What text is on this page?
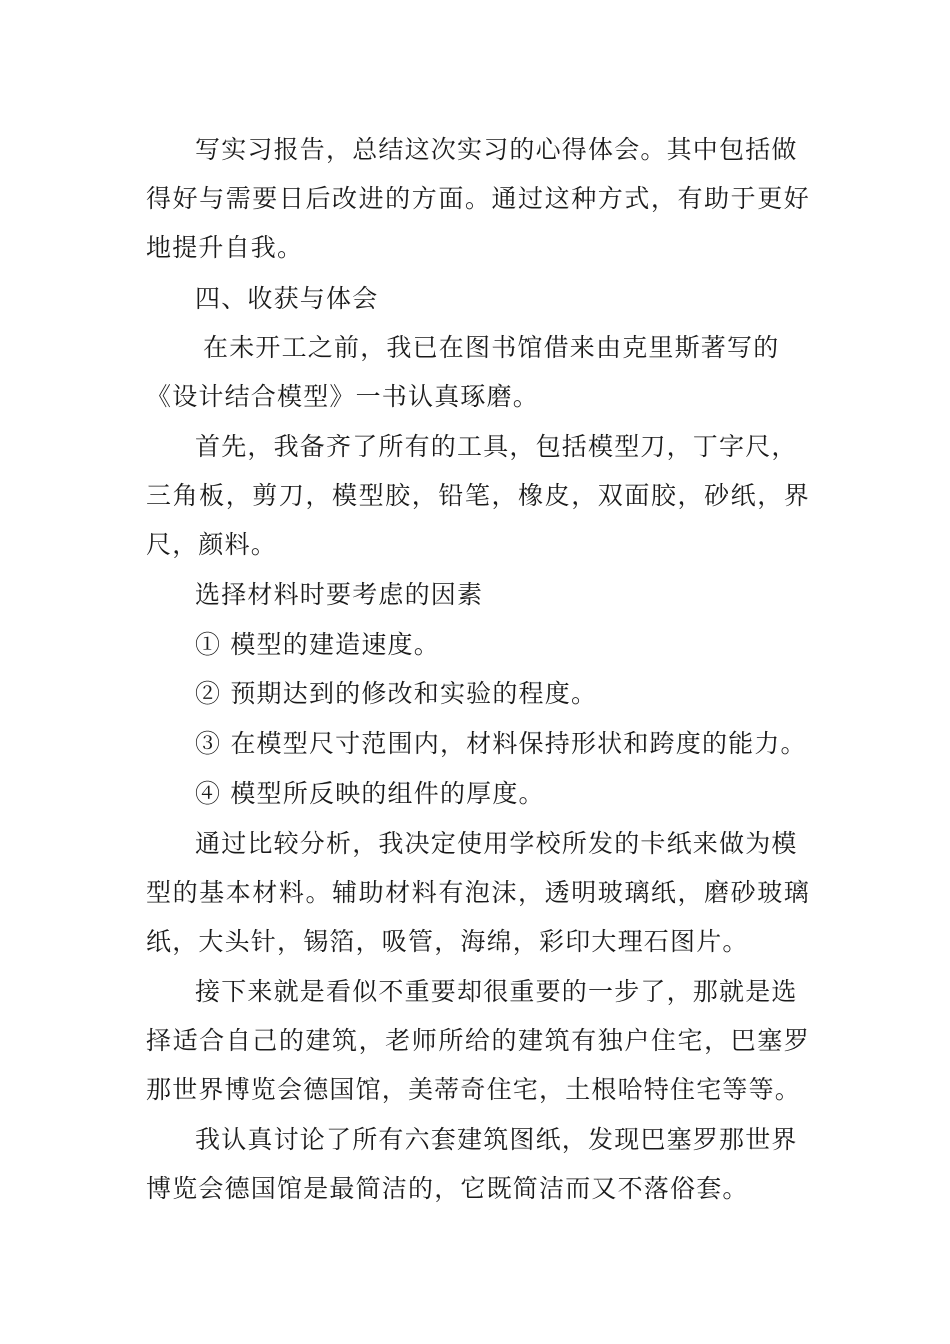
写实习报告，总结这次实习的心得体会。其中包括做
得好与需要日后改进的方面。通过这种方式，有助于更好
地提升自我。
四、收获与体会
在未开工之前，我已在图书馆借来由克里斯著写的
《设计结合模型》一书认真琢磨。
首先，我备齐了所有的工具，包括模型刀，丁字尺，
三角板，剪刀，模型胶，铅笔，橡皮，双面胶，砂纸，界
尺，颜料。
选择材料时要考虑的因素
① 模型的建造速度。
② 预期达到的修改和实验的程度。
③ 在模型尺寸范围内，材料保持形状和跨度的能力。
④ 模型所反映的组件的厚度。
通过比较分析，我决定使用学校所发的卡纸来做为模
型的基本材料。辅助材料有泡沫，透明玻璃纸，磨砂玻璃
纸，大头针，锡箔，吸管，海绵，彩印大理石图片。
接下来就是看似不重要却很重要的一步了，那就是选
择适合自己的建筑，老师所给的建筑有独户住宅，巴塞罗
那世界博览会德国馆，美蒂奇住宅，土根哈特住宅等等。
我认真讨论了所有六套建筑图纸，发现巴塞罗那世界
博览会德国馆是最简洁的，它既简洁而又不落俗套。
